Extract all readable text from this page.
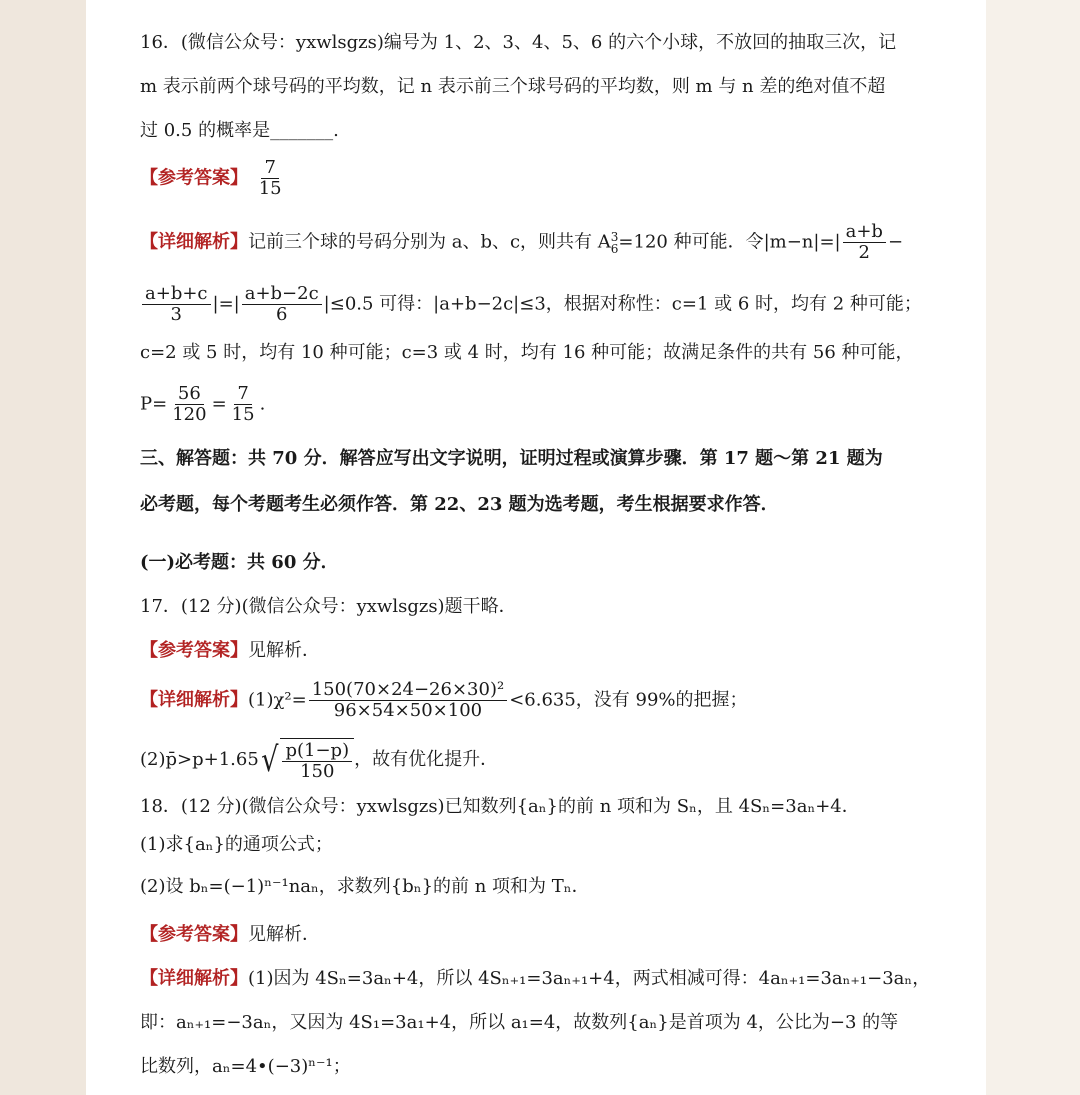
16．(微信公众号：yxwlsgzs)编号为 1、2、3、4、5、6 的六个小球，不放回的抽取三次，记
m 表示前两个球号码的平均数，记 n 表示前三个球号码的平均数，则 m 与 n 差的绝对值不超
过 0.5 的概率是_______.
【参考答案】 $\frac{7}{15}$
【详细解析】记前三个球的号码分别为 a、b、c，则共有 A 3
6 =120 种可能．令$|m-n|=| \frac{a+b}{2}$ −
$\frac{a+b+c}{3}$ |=| $\frac{a+b-2c}{6} |\le 0.5$ 可得：|a+b−2c|≤3，根据对称性：c=1 或 6 时，均有 2 种可能；
c=2 或 5 时，均有 10 种可能；c=3 或 4 时，均有 16 种可能；故满足条件的共有 56 种可能，
$P= \frac{56}{120} = \frac{7}{15}$ .
三、解答题：共 70 分．解答应写出文字说明，证明过程或演算步骤．第 17 题～第 21 题为
必考题，每个考题考生必须作答．第 22、23 题为选考题，考生根据要求作答．
(一)必考题：共 60 分．
17．(12 分)(微信公众号：yxwlsgzs)题干略．
【参考答案】见解析．
【详细解析】$(1)\chi^2= \frac{\text{150(70×24−26×30)²}}{96\times 54\times 50\times 100} <6.635$，没有 99%的把握；
(2)p̄>p+1.65 √ $\frac{p(1-p)}{150}$ ，故有优化提升．
18．(12 分)(微信公众号：yxwlsgzs)已知数列{aₙ}的前 n 项和为 Sₙ，且 4Sₙ=3aₙ+4．
(1)求{aₙ}的通项公式；
(2)设 bₙ=(−1)ⁿ⁻¹naₙ，求数列{bₙ}的前 n 项和为 Tₙ．
【参考答案】见解析．
【详细解析】(1)因为 4Sₙ=3aₙ+4，所以 4Sₙ₊₁=3aₙ₊₁+4，两式相减可得：4aₙ₊₁=3aₙ₊₁−3aₙ，
即：aₙ₊₁=−3aₙ，又因为 4S₁=3a₁+4，所以 a₁=4，故数列{aₙ}是首项为 4，公比为−3 的等
比数列，aₙ=4•(−3)ⁿ⁻¹；
